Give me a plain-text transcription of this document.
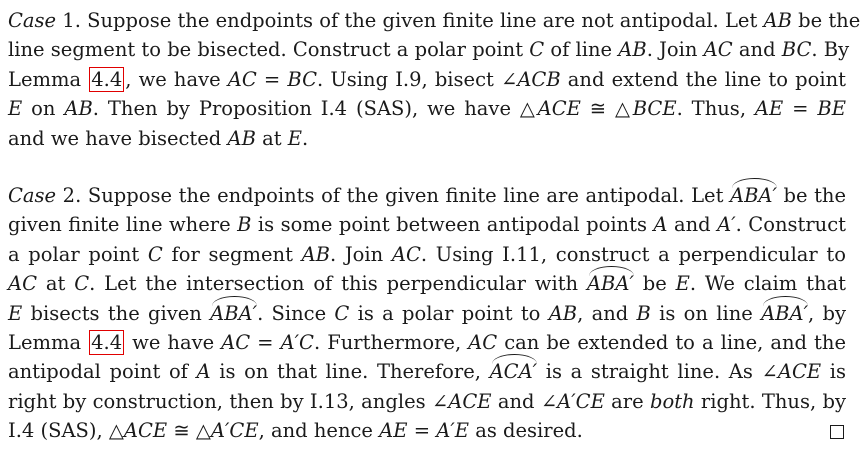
Case 1. Suppose the endpoints of the given finite line are not antipodal. Let AB be the
line segment to be bisected. Construct a polar point C of line AB. Join AC and BC. By
Lemma 4.4 , we have AC = BC. Using I.9, bisect ∠ACB and extend the line to point
E on AB. Then by Proposition I.4 (SAS), we have △ACE ≅ △BCE. Thus, AE = BE
and we have bisected AB at E.
Case 2. Suppose the endpoints of the given finite line are antipodal. Let ABA′ be the
given finite line where B is some point between antipodal points A and A′. Construct
a polar point C for segment AB. Join AC. Using I.11, construct a perpendicular to
AC at C. Let the intersection of this perpendicular with ABA′ be E. We claim that
E bisects the given ABA′. Since C is a polar point to AB, and B is on line ABA′, by
Lemma 4.4 we have AC = A′C. Furthermore, AC can be extended to a line, and the
antipodal point of A is on that line. Therefore, ACA′ is a straight line. As ∠ACE is
right by construction, then by I.13, angles ∠ACE and ∠A′CE are both right. Thus, by
I.4 (SAS), △ACE ≅ △A′CE, and hence AE = A′E as desired.
